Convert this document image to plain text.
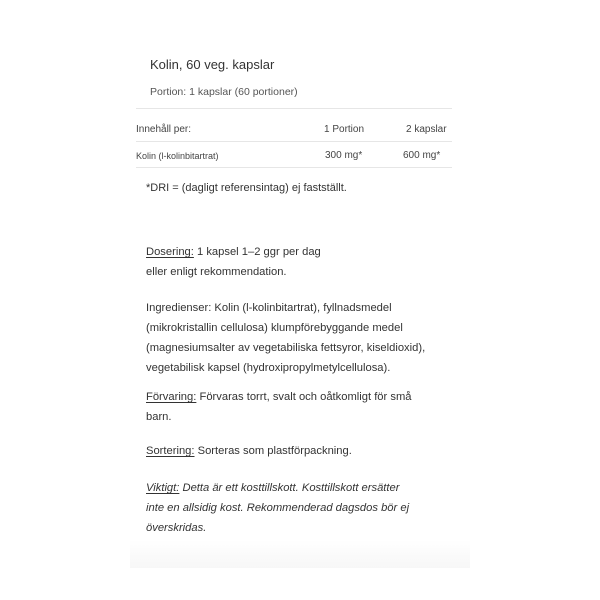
Kolin, 60 veg. kapslar
Portion: 1 kapslar (60 portioner)
Innehåll per:	1 Portion	2 kapslar
Kolin (l-kolinbitartrat)	300 mg*	600 mg*
*DRI = (dagligt referensintag) ej fastställt.
Dosering: 1 kapsel 1–2 ggr per dag
eller enligt rekommendation.
Ingredienser: Kolin (l-kolinbitartrat), fyllnadsmedel
(mikrokristallin cellulosa) klumpförebyggande medel
(magnesiumsalter av vegetabiliska fettsyror, kiseldioxid),
vegetabilisk kapsel (hydroxipropylmetylcellulosa).
Förvaring: Förvaras torrt, svalt och oåtkomligt för små
barn.
Sortering: Sorteras som plastförpackning.
Viktigt: Detta är ett kosttillskott. Kosttillskott ersätter
inte en allsidig kost. Rekommenderad dagsdos bör ej
överskridas.
